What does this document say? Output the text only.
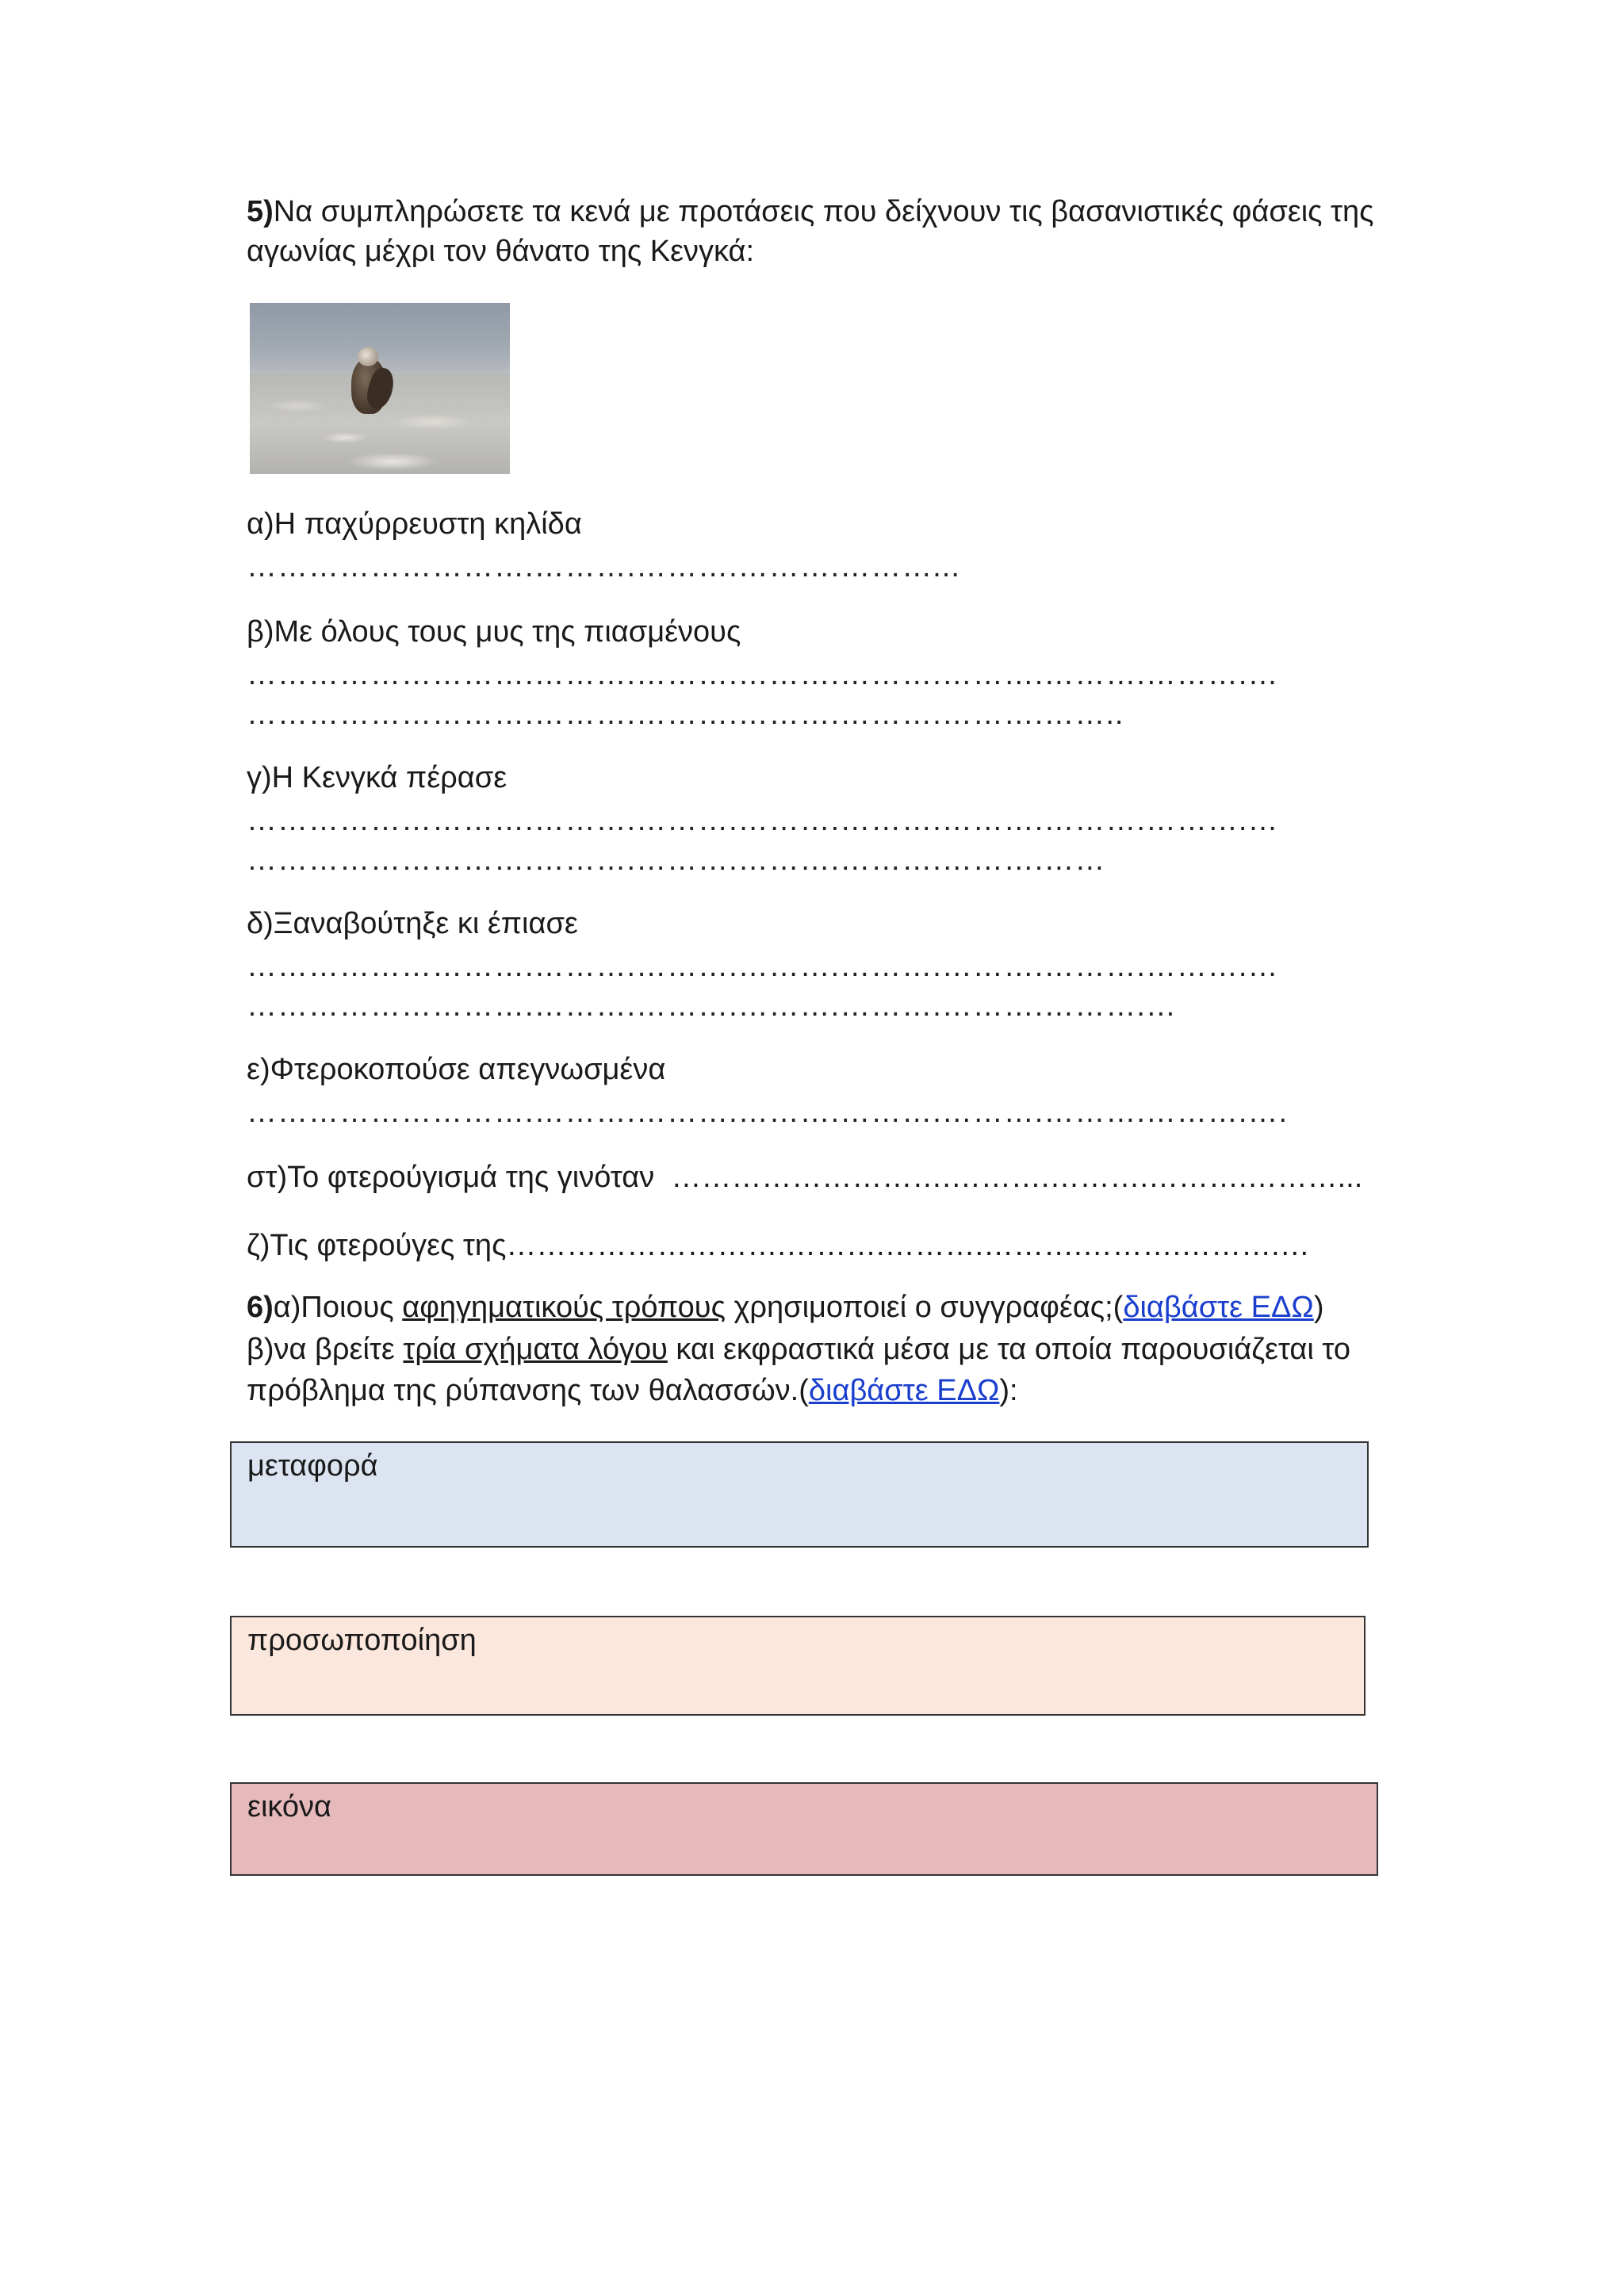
5)Να συμπληρώσετε τα κενά με προτάσεις που δείχνουν τις βασανιστικές φάσεις της
αγωνίας μέχρι τον θάνατο της Κενγκά:
α)Η παχύρρευστη κηλίδα
……………………….……….……….……….………...
β)Με όλους τους μυς της πιασμένους
……………………….……….……….……….……….……….……….……….…
……………………….……….……….……….……….……….……..
γ)Η Κενγκά πέρασε
……………………….……….……….……….……….……….……….……….…
……………………….……….……….……….……….……….……
δ)Ξαναβούτηξε κι έπιασε
……………………….……….……….……….……….……….……….……….…
……………………….……….……….……….……….……….……….…
ε)Φτεροκοπούσε απεγνωσμένα
……………………….……….……….……….……….……….……….……….….
στ)Το φτερούγισμά της γινόταν ……………………….……….……….……….………...
ζ)Τις φτερούγες της……………………….……….……….……….……….……….…
6)α)Ποιους αφηγηματικούς τρόπους χρησιμοποιεί ο συγγραφέας;(διαβάστε ΕΔΩ)
β)να βρείτε τρία σχήματα λόγου και εκφραστικά μέσα με τα οποία παρουσιάζεται το πρόβλημα της ρύπανσης των θαλασσών.(διαβάστε ΕΔΩ):
μεταφορά
προσωποποίηση
εικόνα
